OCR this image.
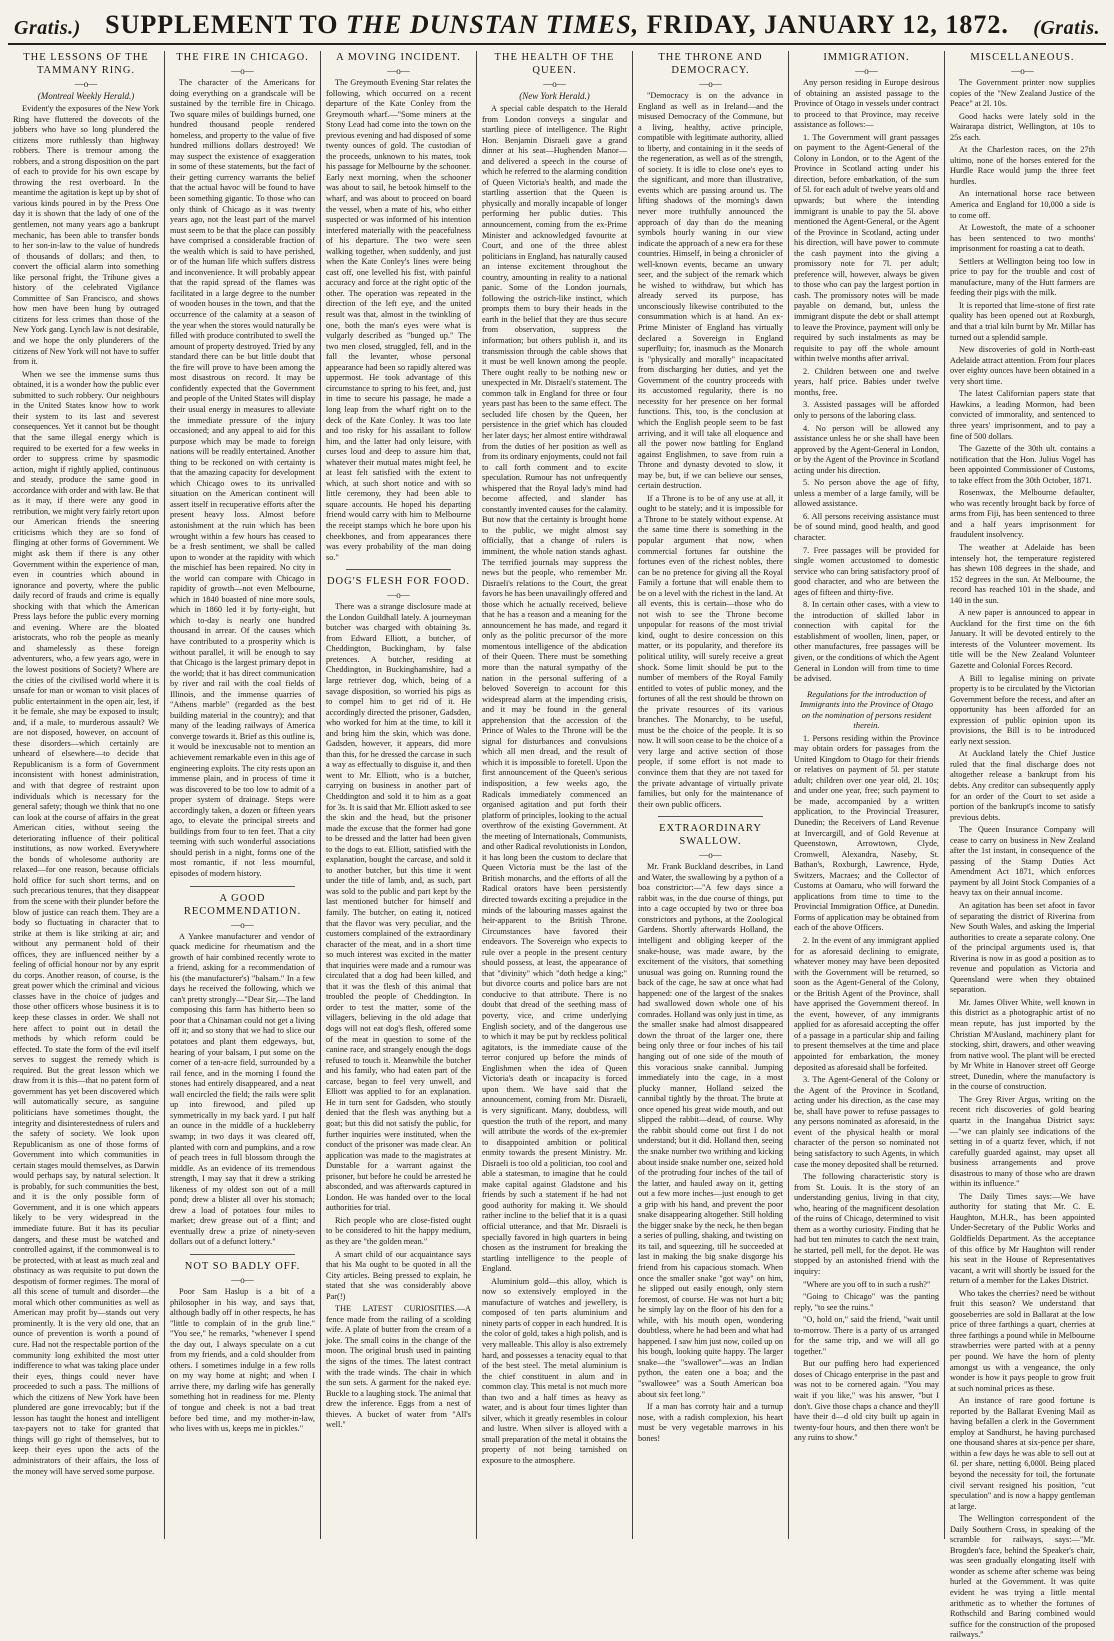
Gratis.) SUPPLEMENT TO THE DUNSTAN TIMES, FRIDAY, JANUARY 12, 1872. (Gratis.
THE LESSONS OF THE TAMMANY RING.
—o—
(Montreal Weekly Herald.)

Evident'y the exposures of the New York Ring have fluttered the dovecots of the jobbers who have so long plundered the citizens more ruthlessly than highway robbers. There is tremour among the robbers, and a strong disposition on the part of each to provide for his own escape by throwing the rest overboard. In the meantime the agitation is kept up by shot of various kinds poured in by the Press One day it is shown that the lady of one of the gentlemen, not many years ago a bankrupt mechanic, has been able to transfer bonds to her son-in-law to the value of hundreds of thousands of dollars; and then, to convert the official alarm into something like personal fright, the Tribune gives a history of the celebrated Vigilance Committee of San Francisco, and shows how men have been hung by outraged citizens for less crimes than those of the New York gang. Lynch law is not desirable, and we hope the only plunderers of the citizens of New York will not have to suffer from it.

When we see the immense sums thus obtained, it is a wonder how the public ever submitted to such robbery. Our neighbours in the United States know how to work their system to its last and severest consequences. Yet it cannot but be thought that the same illegal energy which is required to be exerted for a few weeks in order to suppress crime by spasmodic action, might if rightly applied, continuous and steady, produce the same good in accordance with order and with law. Be that as it may, if there were any good in retribution, we might very fairly retort upon our American friends the sneering criticisms which they are so fond of flinging at other forms of Government. We might ask them if there is any other Government within the experience of man, even in countries which abound in ignorance and poverty, where the public daily record of frauds and crime is equally shocking with that which the American Press lays before the public every morning and evening. Where are the bloated aristocrats, who rob the people as meanly and shamelessly as these foreign adventurers, who, a few years ago, were in the lowest positions of Society? Where are the cities of the civilised world where it is unsafe for man or woman to visit places of public entertainment in the open air, lest, if it be female, she may be exposed to insult; and, if a male, to murderous assault? We are not disposed, however, on account of these disorders—which certainly are unheard of elsewhere—to decide that Republicanism is a form of Government inconsistent with honest administration, and with that degree of restraint upon individuals which is necessary for the general safety; though we think that no one can look at the course of affairs in the great American cities, without seeing the deteriorating influence of their political institutions, as now worked. Everywhere the bonds of wholesome authority are relaxed—for one reason, because officials hold office for such short terms, and on such precarious tenures, that they disappear from the scene with their plunder before the blow of justice can reach them. They are a body so fluctuating in character that to strike at them is like striking at air; and without any permanent hold of their offices, they are influenced neither by a feeling of official honour nor by any esprit du corps. Another reason, of course, is the great power which the criminal and vicious classes have in the choice of judges and those other officers whose business it is to keep these classes in order. We shall not here affect to point out in detail the methods by which reform could be effected. To state the form of the evil itself serves to suggest the remedy which is required. But the great lesson which we draw from it is this—that no patent form of government has yet been discovered which will automatically secure, as sanguine politicians have sometimes thought, the integrity and disinterestedness of rulers and the safety of society. We look upon Republicanism as one of those forms of Government into which communities in certain stages mould themselves, as Darwin would perhaps say, by natural selection. It is probably, for such communities the best, and it is the only possible form of Government, and it is one which appears likely to be very widespread in the immediate future. But it has its peculiar dangers, and these must be watched and controlled against, if the commonweal is to be protected, with at least as much zeal and obstinacy as was requisite to put down the despotism of former regimes. The moral of all this scene of tumult and disorder—the moral which other communities as well as American may profit by—stands out very prominently. It is the very old one, that an ounce of prevention is worth a pound of cure. Had not the respectable portion of the community long exhibited the most utter indifference to what was taking place under their eyes, things could never have proceeded to such a pass. The millions of which the citizens of New York have been plundered are gone irrevocably; but if the lesson has taught the honest and intelligent tax-payers not to take for granted that things will go right of themselves, but to keep their eyes upon the acts of the administrators of their affairs, the loss of the money will have served some purpose.

THE FIRE IN CHICAGO.
—o—

The character of the Americans for doing everything on a grandscale will be sustained by the terrible fire in Chicago. Two square miles of buildings burned, one hundred thousand people rendered homeless, and property to the value of five hundred millions dollars destroyed! We may suspect the existence of exaggeration in some of these statements, but the fact of their getting currency warrants the belief that the actual havoc will be found to have been something gigantic. To those who can only think of Chicago as it was twenty years ago, not the least part of the marvel must seem to be that the place can possibly have comprised a considerable fraction of the wealth which is said to have perished, or of the human life which suffers distress and inconvenience. It will probably appear that the rapid spread of the flames was facilitated in a large degree to the number of wooden houses in the town, and that the occurrence of the calamity at a season of the year when the stores would naturally be filled with produce contributed to swell the amount of property destroyed. Tried by any standard there can be but little doubt that the fire will prove to have been among the most disastrous on record. It may be confidently expected that the Government and people of the United States will display their usual energy in measures to alleviate the immediate pressure of the injury occasioned; and any appeal to aid for this purpose which may be made to foreign nations will be readily entertained. Another thing to be reckoned on with certainty is that the amazing capacity for development which Chicago owes to its unrivalled situation on the American continent will assert itself in recuperative efforts after the present heavy loss. Almost before astonishment at the ruin which has been wrought within a few hours has ceased to be a fresh sentiment, we shall be called upon to wonder at the rapidity with which the mischief has been repaired. No city in the world can compare with Chicago in rapidity of growth—not even Melbourne, which in 1840 boasted of nine more souls, which in 1860 led it by forty-eight, but which to-day is nearly one hundred thousand in arrear. Of the causes which have contributed to a prosperity which is without parallel, it will be enough to say that Chicago is the largest primary depot in the world; that it has direct communication by river and rail with the coal fields of Illinois, and the immense quarries of "Athens marble" (regarded as the best building material in the country); and that many of the leading railways of America converge towards it. Brief as this outline is, it would be inexcusable not to mention an achievement remarkable even in this age of engineering exploits. The city rests upon an immense plain, and in process of time it was discovered to be too low to admit of a proper system of drainage. Steps were accordingly taken, a dozen or fifteen years ago, to elevate the principal streets and buildings from four to ten feet. That a city teeming with such wonderful associations should perish in a night, forms one of the most romantic, if not less mournful, episodes of modern history.

A GOOD RECOMMENDATION.
—o—

A Yankee manufacturer and vendor of quack medicine for rheumatism and the growth of hair combined recently wrote to a friend, asking for a recommendation of his (the manufacturer's) "balsam." In a few days he received the following, which we can't pretty strongly—"Dear Sir,—The land composing this farm has hitherto been so poor that a Chinaman could not get a living off it; and so stony that we had to slice our potatoes and plant them edgeways, but, hearing of your balsam, I put some on the corner of a ten-acre field, surrounded by a rail fence, and in the morning I found the stones had entirely disappeared, and a neat wall encircled the field; the rails were split up into firewood, and piled up symmetrically in my back yard. I put half an ounce in the middle of a huckleberry swamp; in two days it was cleared off, planted with corn and pumpkins, and a row of peach trees in full blossom through the middle. As an evidence of its tremendous strength, I may say that it drew a striking likeness of my oldest son out of a mill pond; drew a blister all over his stomach; drew a load of potatoes four miles to market; drew grease out of a flint; and eventually drew a prize of ninety-seven dollars out of a defunct lottery."

NOT SO BADLY OFF.
—o—

Poor Sam Haslup is a bit of a philosopher in his way, and says that, although badly off in other respects, he has "little to complain of in the grub line." "You see," he remarks, "whenever I spend the day out, I always speculate on a cut from my friends, and a cold shoulder from others. I sometimes indulge in a few rolls on my way home at night; and when I arrive there, my darling wife has generally something hot in readiness for me. Plenty of tongue and cheek is not a bad treat before bed time, and my mother-in-law, who lives with us, keeps me in pickles."

A MOVING INCIDENT.
—o—

The Greymouth Evening Star relates the following, which occurred on a recent departure of the Kate Conley from the Greymouth wharf.—"Some miners at the Stony Lead had come into the town on the previous evening and had disposed of some twenty ounces of gold. The custodian of the proceeds, unknown to his mates, took his passage for Melbourne by the schooner. Early next morning, when the schooner was about to sail, he betook himself to the wharf, and was about to proceed on board the vessel, when a mate of his, who either suspected or was informed of his intention interfered materially with the peacefulness of his departure. The two were seen walking together, when suddenly, and just when the Kate Conley's lines were being cast off, one levelled his fist, with painful accuracy and force at the right optic of the other. The operation was repeated in the direction of the left eye, and the united result was that, almost in the twinkling of one, both the man's eyes were what is vulgarly described as "bunged up." The two men closed, struggled, fell, and in the fall the levanter, whose personal appearance had been so rapidly altered was uppermost. He took advantage of this circumstance to spring to his feet, and, just in time to secure his passage, he made a long leap from the wharf right on to the deck of the Kate Conley. It was too late and too risky for his assailant to follow him, and the latter had only leisure, with curses loud and deep to assure him that, whatever their mutual mates might feel, he at least felt satisfied with the extent to which, at such short notice and with so little ceremony, they had been able to square accounts. He hoped his departing friend would carry with him to Melbourne the receipt stamps which he bore upon his cheekbones, and from appearances there was every probability of the man doing so."

DOG'S FLESH FOR FOOD.
—o—

There was a strange disclosure made at the London Guildhall lately. A journeyman butcher was charged with obtaining 3s. from Edward Elliott, a butcher, of Cheddington, Buckingham, by false pretences. A butcher, residing at Cheddington, in Buckinghamshire, had a large retriever dog, which, being of a savage disposition, so worried his pigs as to compel him to get rid of it. He accordingly directed the prisoner, Gadsden, who worked for him at the time, to kill it and bring him the skin, which was done. Gadsden, however, it appears, did more than this, for he dressed the carcase in such a way as effectually to disguise it, and then went to Mr. Elliott, who is a butcher, carrying on business in another part of Cheddington and sold it to him as a goat for 3s. It is said that Mr. Elliott asked to see the skin and the head, but the prisoner made the excuse that the former had gone to be dressed and the latter had been given to the dogs to eat. Elliott, satisfied with the explanation, bought the carcase, and sold it to another butcher, but this time it went under the title of lamb, and, as such, part was sold to the public and part kept by the last mentioned butcher for himself and family. The butcher, on eating it, noticed that the flavor was very peculiar, and the customers complained of the extraordinary character of the meat, and in a short time so much interest was excited in the matter that inquiries were made and a rumour was circulated that a dog had been killed, and that it was the flesh of this animal that troubled the people of Cheddington. In order to test the matter, some of the villagers, believing in the old adage that dogs will not eat dog's flesh, offered some of the meat in question to some of the canine race, and strangely enough the dogs refused to touch it. Meanwhile the butcher and his family, who had eaten part of the carcase, began to feel very unwell, and Elliott was applied to for an explanation. He in turn sent for Gadsden, who stoutly denied that the flesh was anything but a goat; but this did not satisfy the public, for further inquiries were instituted, when the conduct of the prisoner was made clear. An application was made to the magistrates at Dunstable for a warrant against the prisoner, but before he could be arrested he absconded, and was afterwards captured in London. He was handed over to the local authorities for trial.

Rich people who are close-fisted ought to be considered to hit the happy medium, as they are "the golden mean."

A smart child of our acquaintance says that his Ma ought to be quoted in all the City articles. Being pressed to explain, he stated that she was considerably above Par(!)

THE LATEST CURIOSITIES.—A fence made from the railing of a scolding wife. A plate of butter from the cream of a joke. The small coins in the change of the moon. The original brush used in painting the signs of the times. The latest contract with the trade winds. The chair in which the sun sets. A garment for the naked eye. Buckle to a laughing stock. The animal that drew the inference. Eggs from a nest of thieves. A bucket of water from "All's well."

THE HEALTH OF THE QUEEN.
—o—
(New York Herald.)

A special cable despatch to the Herald from London conveys a singular and startling piece of intelligence. The Right Hon. Benjamin Disraeli gave a grand dinner at his seat—Hughenden Manor—and delivered a speech in the course of which he referred to the alarming condition of Queen Victoria's health, and made the startling assertion that the Queen is physically and morally incapable of longer performing her public duties. This announcement, coming from the ex-Prime Minister and acknowledged favourite at Court, and one of the three ablest politicians in England, has naturally caused an intense excitement throughout the country, amounting in reality to a national panic. Some of the London journals, following the ostrich-like instinct, which prompts them to bury their heads in the earth in the belief that they are thus secure from observation, suppress the information; but others publish it, and its transmission through the cable shows that it must be well known among the people. There ought really to be nothing new or unexpected in Mr. Disraeli's statement. The common talk in England for three or four years past has been to the same effect. The secluded life chosen by the Queen, her persistence in the grief which has clouded her later days; her almost entire withdrawal from the duties of her position as well as from its ordinary enjoyments, could not fail to call forth comment and to excite speculation. Rumour has not unfrequently whispered that the Royal lady's mind had become affected, and slander has constantly invented causes for the calamity. But now that the certainty is brought home to the public, we might almost say officially, that a change of rulers is imminent, the whole nation stands aghast. The terrified journals may suppress the news but the people, who remember Mr. Disraeli's relations to the Court, the great favors he has been unavailingly offered and those which he actually received, believe that he has a reason and a meaning for the announcement he has made, and regard it only as the politic precursor of the more momentous intelligence of the abdication of their Queen. There must be something more than the natural sympathy of the nation in the personal suffering of a beloved Sovereign to account for this widespread alarm at the impending crisis, and it may be found in the general apprehension that the accession of the Prince of Wales to the Throne will be the signal for disturbances and convulsions which all men dread, and the result of which it is impossible to foretell. Upon the first announcement of the Queen's serious indisposition, a few weeks ago, the Radicals immediately commenced an organised agitation and put forth their platform of principles, looking to the actual overthrow of the existing Government. At the meeting of Internationals, Communists, and other Radical revolutionists in London, it has long been the custom to declare that Queen Victoria must be the last of the British monarchs, and the efforts of all the Radical orators have been persistently directed towards exciting a prejudice in the minds of the labouring masses against the heir-apparent to the British Throne. Circumstances have favored their endeavors. The Sovereign who expects to rule over a people in the present century should possess, at least, the appearance of that "divinity" which "doth hedge a king;" but divorce courts and police bars are not conducive to that attribute. There is no doubt that dread of the seething mass of poverty, vice, and crime underlying English society, and of the dangerous use to which it may be put by reckless political agitators, is the immediate cause of the terror conjured up before the minds of Englishmen when the idea of Queen Victoria's death or incapacity is forced upon them. We have said that the announcement, coming from Mr. Disraeli, is very significant. Many, doubtless, will question the truth of the report, and many will attribute the words of the ex-premier to disappointed ambition or political enmity towards the present Ministry. Mr. Disraeli is too old a politician, too cool and able a statesman, to imagine that he could make capital against Gladstone and his friends by such a statement if he had not good authority for making it. We should rather incline to the belief that it is a quasi official utterance, and that Mr. Disraeli is specially favored in high quarters in being chosen as the instrument for breaking the startling intelligence to the people of England.

Aluminium gold—this alloy, which is now so extensively employed in the manufacture of watches and jewellery, is composed of ten parts aluminium and ninety parts of copper in each hundred. It is the color of gold, takes a high polish, and is very malleable. This alloy is also extremely hard, and possesses a tenacity equal to that of the best steel. The metal aluminium is the chief constituent in alum and in common clay. This metal is not much more than two and a half times as heavy as water, and is about four times lighter than silver, which it greatly resembles in colour and lustre. When silver is alloyed with a small preparation of the metal it obtains the property of not being tarnished on exposure to the atmosphere.

THE THRONE AND DEMOCRACY.
—o—

"Democracy is on the advance in England as well as in Ireland—and the misused Democracy of the Commune, but a living, healthy, active principle, compatible with legitimate authority, allied to liberty, and containing in it the seeds of the regeneration, as well as of the strength, of society. It is idle to close one's eyes to the significant, and more than illustrative, events which are passing around us. The lifting shadows of the morning's dawn never more truthfully announced the approach of day than do the meaning symbols hourly waning in our view indicate the approach of a new era for these countries. Himself, in being a chronicler of well-known events, became an unwary seer, and the subject of the remark which he wished to withdraw, but which has already served its purpose, has unconsciously likewise contributed to the consummation which is at hand. An ex-Prime Minister of England has virtually declared a Sovereign in England superfluity; for, inasmuch as the Monarch is "physically and morally" incapacitated from discharging her duties, and yet the Government of the country proceeds with its accustomed regularity, there is no necessity for her presence on her formal functions. This, too, is the conclusion at which the English people seem to be fast arriving, and it will take all eloquence and all the power now battling for England against Englishmen, to save from ruin a Throne and dynasty devoted to slow, it may be, but, if we can believe our senses, certain destruction.

If a Throne is to be of any use at all, it ought to be stately; and it is impossible for a Throne to be stately without expense. At the same time there is something in the popular argument that now, when commercial fortunes far outshine the fortunes even of the richest nobles, there can be no pretence for giving all the Royal Family a fortune that will enable them to be on a level with the richest in the land. At all events, this is certain—those who do not wish to see the Throne become unpopular for reasons of the most trivial kind, ought to desire concession on this matter, or its popularity, and therefore its political utility, will surely receive a great shock. Some limit should be put to the number of members of the Royal Family entitled to votes of public money, and the fortunes of all the rest should be thrown on the private resources of its various branches. The Monarchy, to be useful, must be the choice of the people. It is so now. It will soon cease to be the choice of a very large and active section of those people, if some effort is not made to convince them that they are not taxed for the private advantage of virtually private families, but only for the maintenance of their own public officers.

EXTRAORDINARY SWALLOW.
—o—

Mr. Frank Buckland describes, in Land and Water, the swallowing by a python of a boa constrictor:—"A few days since a rabbit was, in the due course of things, put into a cage occupied by two or three boa constrictors and pythons, at the Zoological Gardens. Shortly afterwards Holland, the intelligent and obliging keeper of the snake-house, was made aware, by the excitement of the visitors, that something unusual was going on. Running round the back of the cage, he saw at once what had happened: one of the largest of the snakes had swallowed down whole one of his comrades. Holland was only just in time, as the smaller snake had almost disappeared down the throat of the larger one, there being only three or four inches of his tail hanging out of one side of the mouth of this voracious snake cannibal. Jumping immediately into the cage, in a most plucky manner, Holland seized the cannibal tightly by the throat. The brute at once opened his great wide mouth, and out slipped the rabbit—dead, of course. Why the rabbit should come out first I do not understand; but it did. Holland then, seeing the snake number two writhing and kicking about inside snake number one, seized hold of the protruding four inches of the tail of the latter, and hauled away on it, getting out a few more inches—just enough to get a grip with his hand, and prevent the poor snake disappearing altogether. Still holding the bigger snake by the neck, he then began a series of pulling, shaking, and twisting on its tail, and squeezing, till he succeeded at last in making the big snake disgorge his friend from his capacious stomach. When once the smaller snake "got way" on him, he slipped out easily enough, only stern foremost, of course. He was not hurt a bit; he simply lay on the floor of his den for a while, with his mouth open, wondering doubtless, where he had been and what had happened. I saw him just now, coiled up on his bough, looking quite happy. The larger snake—the "swallower"—was an Indian python, the eaten one a boa; and the "swallowee" was a South American boa about six feet long."

If a man has corroty hair and a turnup nose, with a radish complexion, his heart must be very vegetable marrows in his bones!

IMMIGRATION.
—o—

Any person residing in Europe desirous of obtaining an assisted passage to the Province of Otago in vessels under contract to proceed to that Province, may receive assistance as follows:—

1. The Government will grant passages on payment to the Agent-General of the Colony in London, or to the Agent of the Province in Scotland acting under his direction, before embarkation, of the sum of 5l. for each adult of twelve years old and upwards; but where the intending immigrant is unable to pay the 5l. above mentioned the Agent-General, or the Agent of the Province in Scotland, acting under his direction, will have power to commute the cash payment into the giving a promissory note for 7l. per adult; preference will, however, always be given to those who can pay the largest portion in cash. The promissory notes will be made payable on demand, but, unless the immigrant dispute the debt or shall attempt to leave the Province, payment will only be required by such instalments as may be requisite to pay off the whole amount within twelve months after arrival.

2. Children between one and twelve years, half price. Babies under twelve months, free.

3. Assisted passages will be afforded only to persons of the laboring class.

4. No person will be allowed any assistance unless he or she shall have been approved by the Agent-General in London, or by the Agent of the Province in Scotland acting under his direction.

5. No person above the age of fifty, unless a member of a large family, will be allowed assistance.

6. All persons receiving assistance must be of sound mind, good health, and good character.

7. Free passages will be provided for single women accustomed to domestic service who can bring satisfactory proof of good character, and who are between the ages of fifteen and thirty-five.

8. In certain other cases, with a view to the introduction of skilled labor in connection with capital for the establishment of woollen, linen, paper, or other manufactures, free passages will be given, or the conditions of which the Agent General in London will from time to time be advised.

Regulations for the introduction of Immigrants into the Province of Otago on the nomination of persons resident therein.

1. Persons residing within the Province may obtain orders for passages from the United Kingdom to Otago for their friends or relatives on payment of 5l. per statute adult; children over one year old, 2l. 10s; and under one year, free; such payment to be made, accompanied by a written application, to the Provincial Treasurer, Dunedin; the Receivers of Land Revenue at Invercargill, and of Gold Revenue at Queenstown, Arrowtown, Clyde, Cromwell, Alexandra, Naseby, St. Bathan's, Roxburgh, Lawrence, Hyde, Switzers, Macraes; and the Collector of Customs at Oamaru, who will forward the applications from time to time to the Provincial Immigration Office, at Dunedin. Forms of application may be obtained from each of the above Officers.

2. In the event of any immigrant applied for as aforesaid declining to emigrate, whatever money may have been deposited with the Government will be returned, so soon as the Agent-General of the Colony, or the British Agent of the Province, shall have apprised the Government thereof. In the event, however, of any immigrants applied for as aforesaid accepting the offer of a passage in a particular ship and failing to present themselves at the time and place appointed for embarkation, the money deposited as aforesaid shall be forfeited.

3. The Agent-General of the Colony or the Agent of the Province in Scotland, acting under his direction, as the case may be, shall have power to refuse passages to any persons nominated as aforesaid, in the event of the physical health or moral character of the person so nominated not being satisfactory to such Agents, in which case the money deposited shall be returned.

The following characteristic story is from St. Louis. It is the story of an understanding genius, living in that city, who, hearing of the magnificent desolation of the ruins of Chicago, determined to visit them as a worthy curiosity. Finding that he had but ten minutes to catch the next train, he started, pell mell, for the depot. He was stopped by an astonished friend with the inquiry:

"Where are you off to in such a rush?"

"Going to Chicago" was the panting reply, "to see the ruins."

"O, hold on," said the friend, "wait until to-morrow. There is a party of us arranged for the same trip, and we will all go together."

But our puffing hero had experienced doses of Chicago enterprise in the past and was not to be cornered again. "You may wait if you like," was his answer, "but I don't. Give those chaps a chance and they'll have their d—d old city built up again in twenty-four hours, and then there won't be any ruins to show."

MISCELLANEOUS.
—o—

The Government printer now supplies copies of the "New Zealand Justice of the Peace" at 2l. 10s.

Good hacks were lately sold in the Wairarapa district, Wellington, at 10s to 25s each.

At the Charleston races, on the 27th ultimo, none of the horses entered for the Hurdle Race would jump the three feet hurdles.

An international horse race between America and England for 10,000 a side is to come off.

At Lowestoft, the mate of a schooner has been sentenced to two months' imprisonment for roasting a cat to death.

Settlers at Wellington being too low in price to pay for the trouble and cost of manufacture, many of the Hutt farmers are feeding their pigs with the milk.

It is reported that lime-stone of first rate quality has been opened out at Roxburgh, and that a trial kiln burnt by Mr. Millar has turned out a splendid sample.

New discoveries of gold in North-east Adelaide attract attention. From four places over eighty ounces have been obtained in a very short time.

The latest Californian papers state that Hawkins, a leading Mormon, had been convicted of immorality, and sentenced to three years' imprisonment, and to pay a fine of 500 dollars.

The Gazette of the 30th ult. contains a notification that the Hon. Julius Vogel has been appointed Commissioner of Customs, to take effect from the 30th October, 1871.

Rosenwax, the Melbourne defaulter, who was recently brought back by force of arms from Fiji, has been sentenced to three and a half years imprisonment for fraudulent insolvency.

The weather at Adelaide has been intensely hot, the temperature registered has shewn 108 degrees in the shade, and 152 degrees in the sun. At Melbourne, the record has reached 101 in the shade, and 140 in the sun.

A new paper is announced to appear in Auckland for the first time on the 6th January. It will be devoted entirely to the interests of the Volunteer movement. Its title will be the New Zealand Volunteer Gazette and Colonial Forces Record.

A Bill to legalise mining on private property is to be circulated by the Victorian Government before the recess, and after an opportunity has been afforded for an expression of public opinion upon its provisions, the Bill is to be introduced early next session.

At Auckland lately the Chief Justice ruled that the final discharge does not altogether release a bankrupt from his debts. Any creditor can subsequently apply for an order of the Court to set aside a portion of the bankrupt's income to satisfy previous debts.

The Queen Insurance Company will cease to carry on business in New Zealand after the 1st instant, in consequence of the passing of the Stamp Duties Act Amendment Act 1871, which enforces payment by all Joint Stock Companies of a heavy tax on their annual income.

An agitation has been set afoot in favor of separating the district of Riverina from New South Wales, and asking the Imperial authorities to create a separate colony. One of the principal arguments used is, that Riverina is now in as good a position as to revenue and population as Victoria and Queensland were when they obtained separation.

Mr. James Oliver White, well known in this district as a photographic artist of no mean repute, has just imported by the Christian M'Ausland, machinery plant for stocking, shirt, drawers, and other weaving from native wool. The plant will be erected by Mr White in Hanover street off George street, Dunedin, where the manufactory is in the course of construction.

The Grey River Argus, writing on the recent rich discoveries of gold bearing quartz in the Inangahua District says:—"we can plainly see indications of the setting in of a quartz fever, which, if not carefully guarded against, may upset all business arrangements and prove disastrous to many of those who are drawn within its influence."

The Daily Times says:—We have authority for stating that Mr. C. E. Haughton, M.H.R., has been appointed Under-Secretary of the Public Works and Goldfields Department. As the acceptance of this office by Mr Haughton will render his seat in the House of Representatives vacant, a writ will shortly be issued for the return of a member for the Lakes District.

Who takes the cherries? need be without fruit this season? We understand that gooseberries are sold in Ballarat at the low price of three farthings a quart, cherries at three farthings a pound while in Melbourne strawberries were parted with at a penny per pound. We have the horn of plenty amongst us with a vengeance, the only wonder is how it pays people to grow fruit at such nominal prices as these.

An instance of rare good fortune is reported by the Ballarat Evening Mail as having befallen a clerk in the Government employ at Sandhurst, he having purchased one thousand shares at six-pence per share, within a few days he was able to sell out at 6l. per share, netting 6,000l. Being placed beyond the necessity for toil, the fortunate civil servant resigned his position, "cut speculation" and is now a happy gentleman at large.

The Wellington correspondent of the Daily Southern Cross, in speaking of the scramble for railways, says:—"Mr. Brogden's face, behind the Speaker's chair, was seen gradually elongating itself with wonder as scheme after scheme was being hurled at the Government. It was quite evident he was trying a little mental arithmetic as to whether the fortunes of Rothschild and Baring combined would suffice for the construction of the proposed railways."
